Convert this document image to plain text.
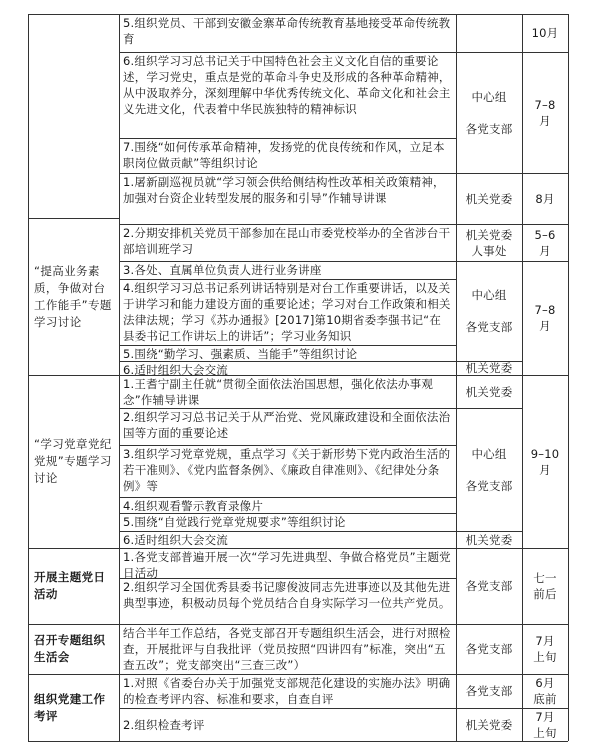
“提高业务素质，争做对台工作能手”专题学习讨论
“学习党章党纪党规”专题学习讨论
开展主题党日活动
召开专题组织生活会
组织党建工作考评
5.组织党员、干部到安徽金寨革命传统教育基地接受革命传统教育
6.组织学习习总书记关于中国特色社会主义文化自信的重要论述，学习党史，重点是党的革命斗争史及形成的各种革命精神，从中汲取养分，深刻理解中华优秀传统文化、革命文化和社会主义先进文化，代表着中华民族独特的精神标识
7.围绕“如何传承革命精神，发扬党的优良传统和作风，立足本职岗位做贡献”等组织讨论
1.屠新副巡视员就“学习领会供给侧结构性改革相关政策精神，加强对台资企业转型发展的服务和引导”作辅导讲课
2.分期安排机关党员干部参加在昆山市委党校举办的全省涉台干部培训班学习
3.各处、直属单位负责人进行业务讲座
4.组织学习习总书记系列讲话特别是对台工作重要讲话，以及关于讲学习和能力建设方面的重要论述；学习对台工作政策和相关法律法规；学习《苏办通报》[2017]第10期省委李强书记“在县委书记工作讲坛上的讲话”；学习业务知识
5.围绕“勤学习、强素质、当能手”等组织讨论
6.适时组织大会交流
1.王耆宁副主任就“贯彻全面依法治国思想，强化依法办事观念”作辅导讲课
2.组织学习习总书记关于从严治党、党风廉政建设和全面依法治国等方面的重要论述
3.组织学习党章党规，重点学习《关于新形势下党内政治生活的若干准则》、《党内监督条例》、《廉政自律准则》、《纪律处分条例》等
4.组织观看警示教育录像片
5.围绕“自觉践行党章党规要求”等组织讨论
6.适时组织大会交流
1.各党支部普遍开展一次“学习先进典型、争做合格党员”主题党日活动
2.组织学习全国优秀县委书记廖俊波同志先进事迹以及其他先进典型事迹，积极动员每个党员结合自身实际学习一位共产党员。
结合半年工作总结，各党支部召开专题组织生活会，进行对照检查，开展批评与自我批评（党员按照“四讲四有”标准，突出“五查五改”；党支部突出“三查三改”）
1.对照《省委台办关于加强党支部规范化建设的实施办法》明确的检查考评内容、标准和要求，自查自评
2.组织检查考评
中心组

各党支部
机关党委
机关党委
人事处
中心组

各党支部
机关党委
机关党委
中心组

各党支部
机关党委
各党支部
各党支部
各党支部
机关党委
10月
7–8
月
8月
5–6
月
7–8
月
9–10
月
七一
前后
7月
上旬
6月
底前
7月
上旬
